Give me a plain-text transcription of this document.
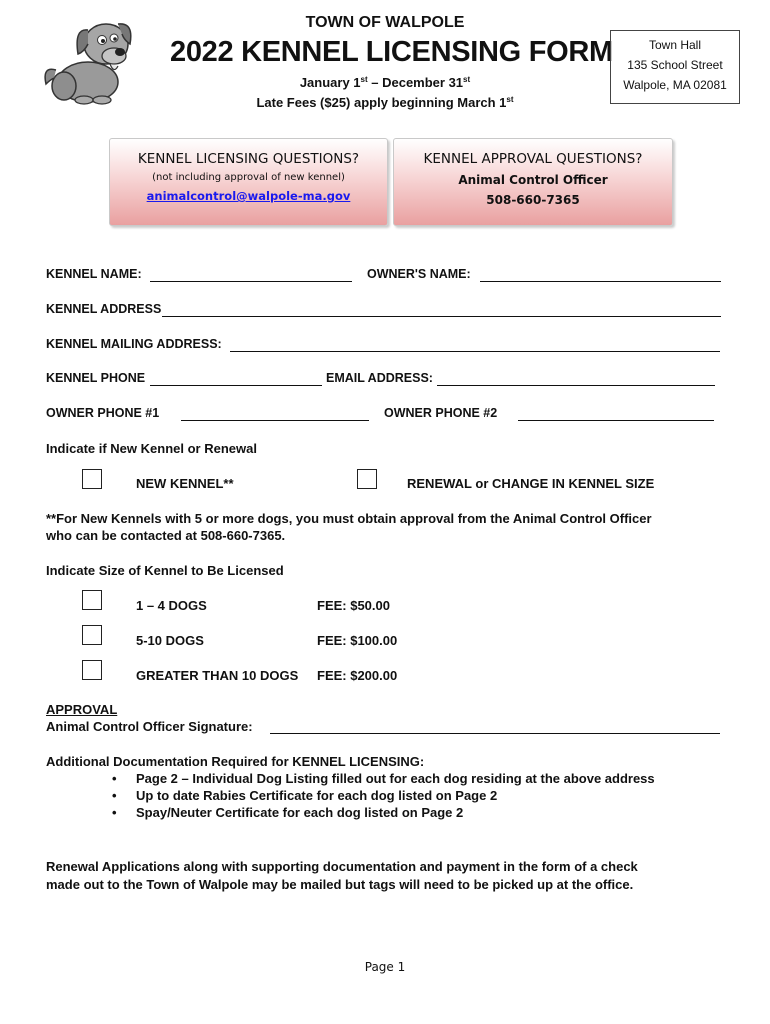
TOWN OF WALPOLE
2022 KENNEL LICENSING FORM
January 1st – December 31st
Late Fees ($25) apply beginning March 1st
Town Hall
135 School Street
Walpole, MA 02081
KENNEL LICENSING QUESTIONS?
(not including approval of new kennel)
animalcontrol@walpole-ma.gov
KENNEL APPROVAL QUESTIONS?
Animal Control Officer
508-660-7365
KENNEL NAME:	OWNER'S NAME:
KENNEL ADDRESS
KENNEL MAILING ADDRESS:
KENNEL PHONE	EMAIL ADDRESS:
OWNER PHONE #1	OWNER PHONE #2
Indicate if New Kennel or Renewal
NEW KENNEL**	RENEWAL or CHANGE IN KENNEL SIZE
**For New Kennels with 5 or more dogs, you must obtain approval from the Animal Control Officer
who can be contacted at 508-660-7365.
Indicate Size of Kennel to Be Licensed
1 – 4 DOGS	FEE: $50.00
5-10 DOGS	FEE: $100.00
GREATER THAN 10 DOGS FEE: $200.00
APPROVAL
Animal Control Officer Signature:
Additional Documentation Required for KENNEL LICENSING:
• Page 2 – Individual Dog Listing filled out for each dog residing at the above address
• Up to date Rabies Certificate for each dog listed on Page 2
• Spay/Neuter Certificate for each dog listed on Page 2
Renewal Applications along with supporting documentation and payment in the form of a check
made out to the Town of Walpole may be mailed but tags will need to be picked up at the office.
Page 1
